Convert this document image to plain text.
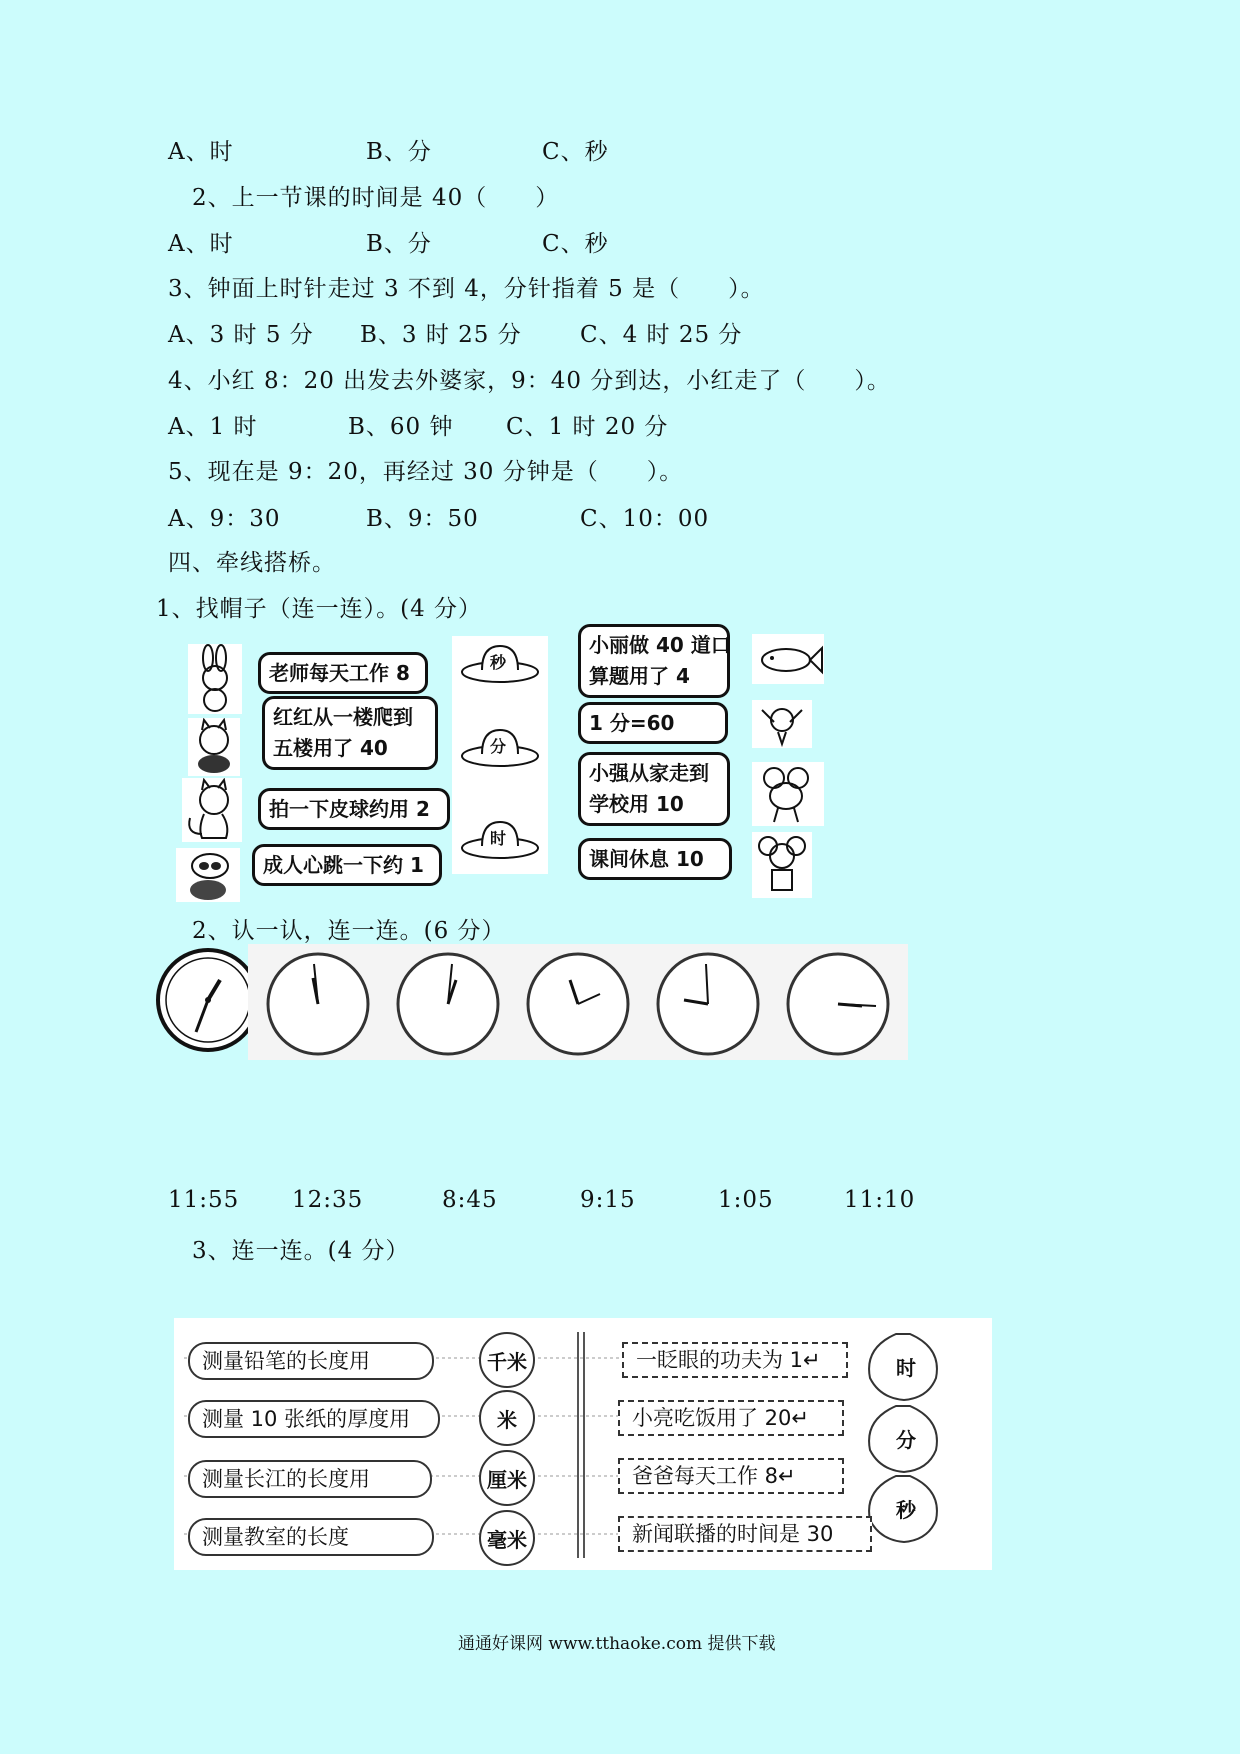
A、时	B、分	C、秒
2、上一节课的时间是 40（　　）
A、时	B、分	C、秒
3、钟面上时针走过 3 不到 4，分针指着 5 是（　　）。
A、3 时 5 分 B、3 时 25 分	C、4 时 25 分
4、小红 8：20 出发去外婆家，9：40 分到达，小红走了（　　）。
A、1 时	B、60 钟 C、1 时 20 分
5、现在是 9：20，再经过 30 分钟是（　　）。
A、9：30	B、9：50	C、10：00
四、牵线搭桥。
1、找帽子（连一连）。(4 分）
老师每天工作 8
红红从一楼爬到
五楼用了 40
拍一下皮球约用 2
成人心跳一下约 1
秒
分
时
小丽做 40 道口
算题用了 4
1 分=60
小强从家走到
学校用 10
课间休息 10
2、认一认，连一连。(6 分）
11:55 12:35	8:45	9:15	1:05	11:10
3、连一连。(4 分）
测量铅笔的长度用
测量 10 张纸的厚度用
测量长江的长度用
测量教室的长度
千米
米
厘米
毫米
一眨眼的功夫为 1↵
小亮吃饭用了 20↵
爸爸每天工作 8↵
新闻联播的时间是 30
时
分
秒
通通好课网 www.tthaoke.com 提供下载
